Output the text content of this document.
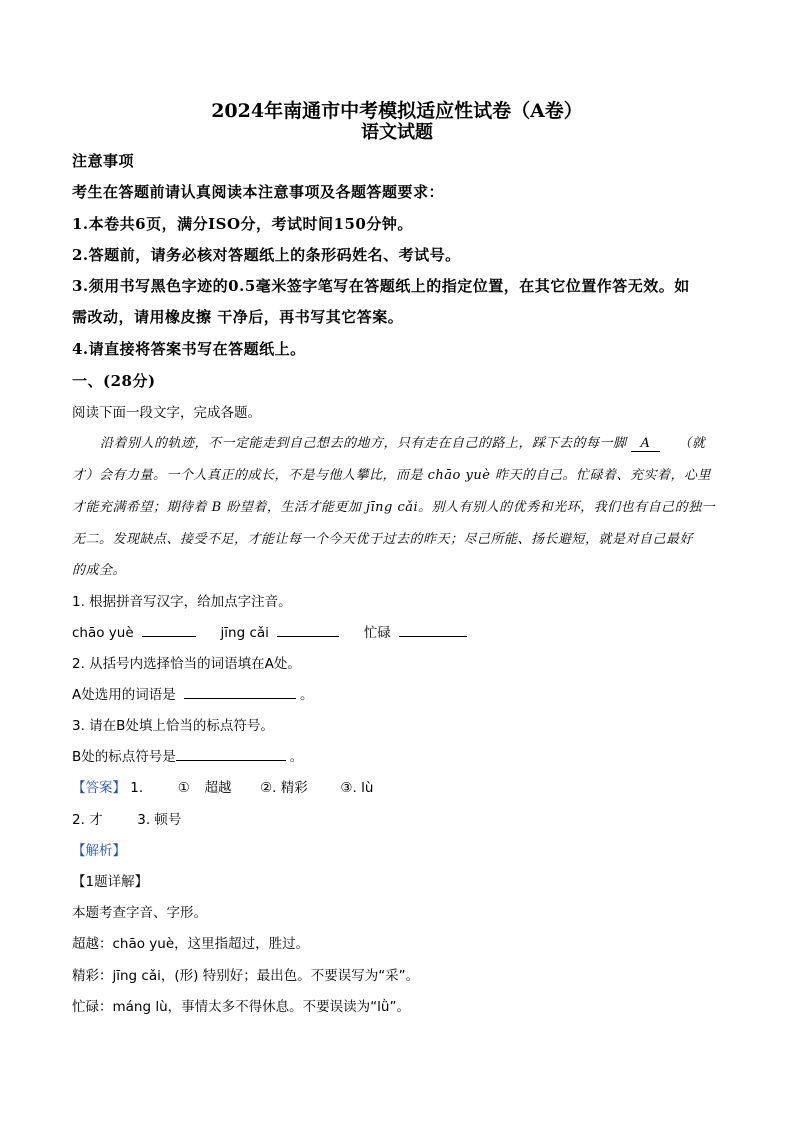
2024年南通市中考模拟适应性试卷（A卷）
语文试题
注意事项
考生在答题前请认真阅读本注意事项及各题答题要求：
1.本卷共6页，满分ISO分，考试时间150分钟。
2.答题前，请务必核对答题纸上的条形码姓名、考试号。
3.须用书写黑色字迹的0.5毫米签字笔写在答题纸上的指定位置，在其它位置作答无效。如
需改动，请用橡皮擦 干净后，再书写其它答案。
4.请直接将答案书写在答题纸上。
一、(28分)
阅读下面一段文字，完成各题。
沿着别人的轨迹，不一定能走到自己想去的地方，只有走在自己的路上，踩下去的每一脚 A （就
才）会有力量。一个人真正的成长，不是与他人攀比，而是 chāo yuè 昨天的自己。忙碌着、充实着，心里
才能充满希望；期待着 B 盼望着，生活才能更加 jīng cǎi。别人有别人的优秀和光环，我们也有自己的独一
无二。发现缺点、接受不足，才能让每一个今天优于过去的昨天；尽己所能、扬长避短，就是对自己最好
的成全。
1. 根据拼音写汉字，给加点字注音。
chāo yuè	jīng cǎi	忙碌
2. 从括号内选择恰当的词语填在A处。
A处选用的词语是	。
3. 请在B处填上恰当的标点符号。
B处的标点符号是	。
【答案】 1.	① 超越 ②. 精彩 ③. lù
2. 才	3. 顿号
【解析】
【1题详解】
本题考查字音、字形。
超越：chāo yuè，这里指超过，胜过。
精彩：jīng cǎi，(形) 特别好；最出色。不要误写为“采”。
忙碌：máng lù，事情太多不得休息。不要误读为“lǜ”。
